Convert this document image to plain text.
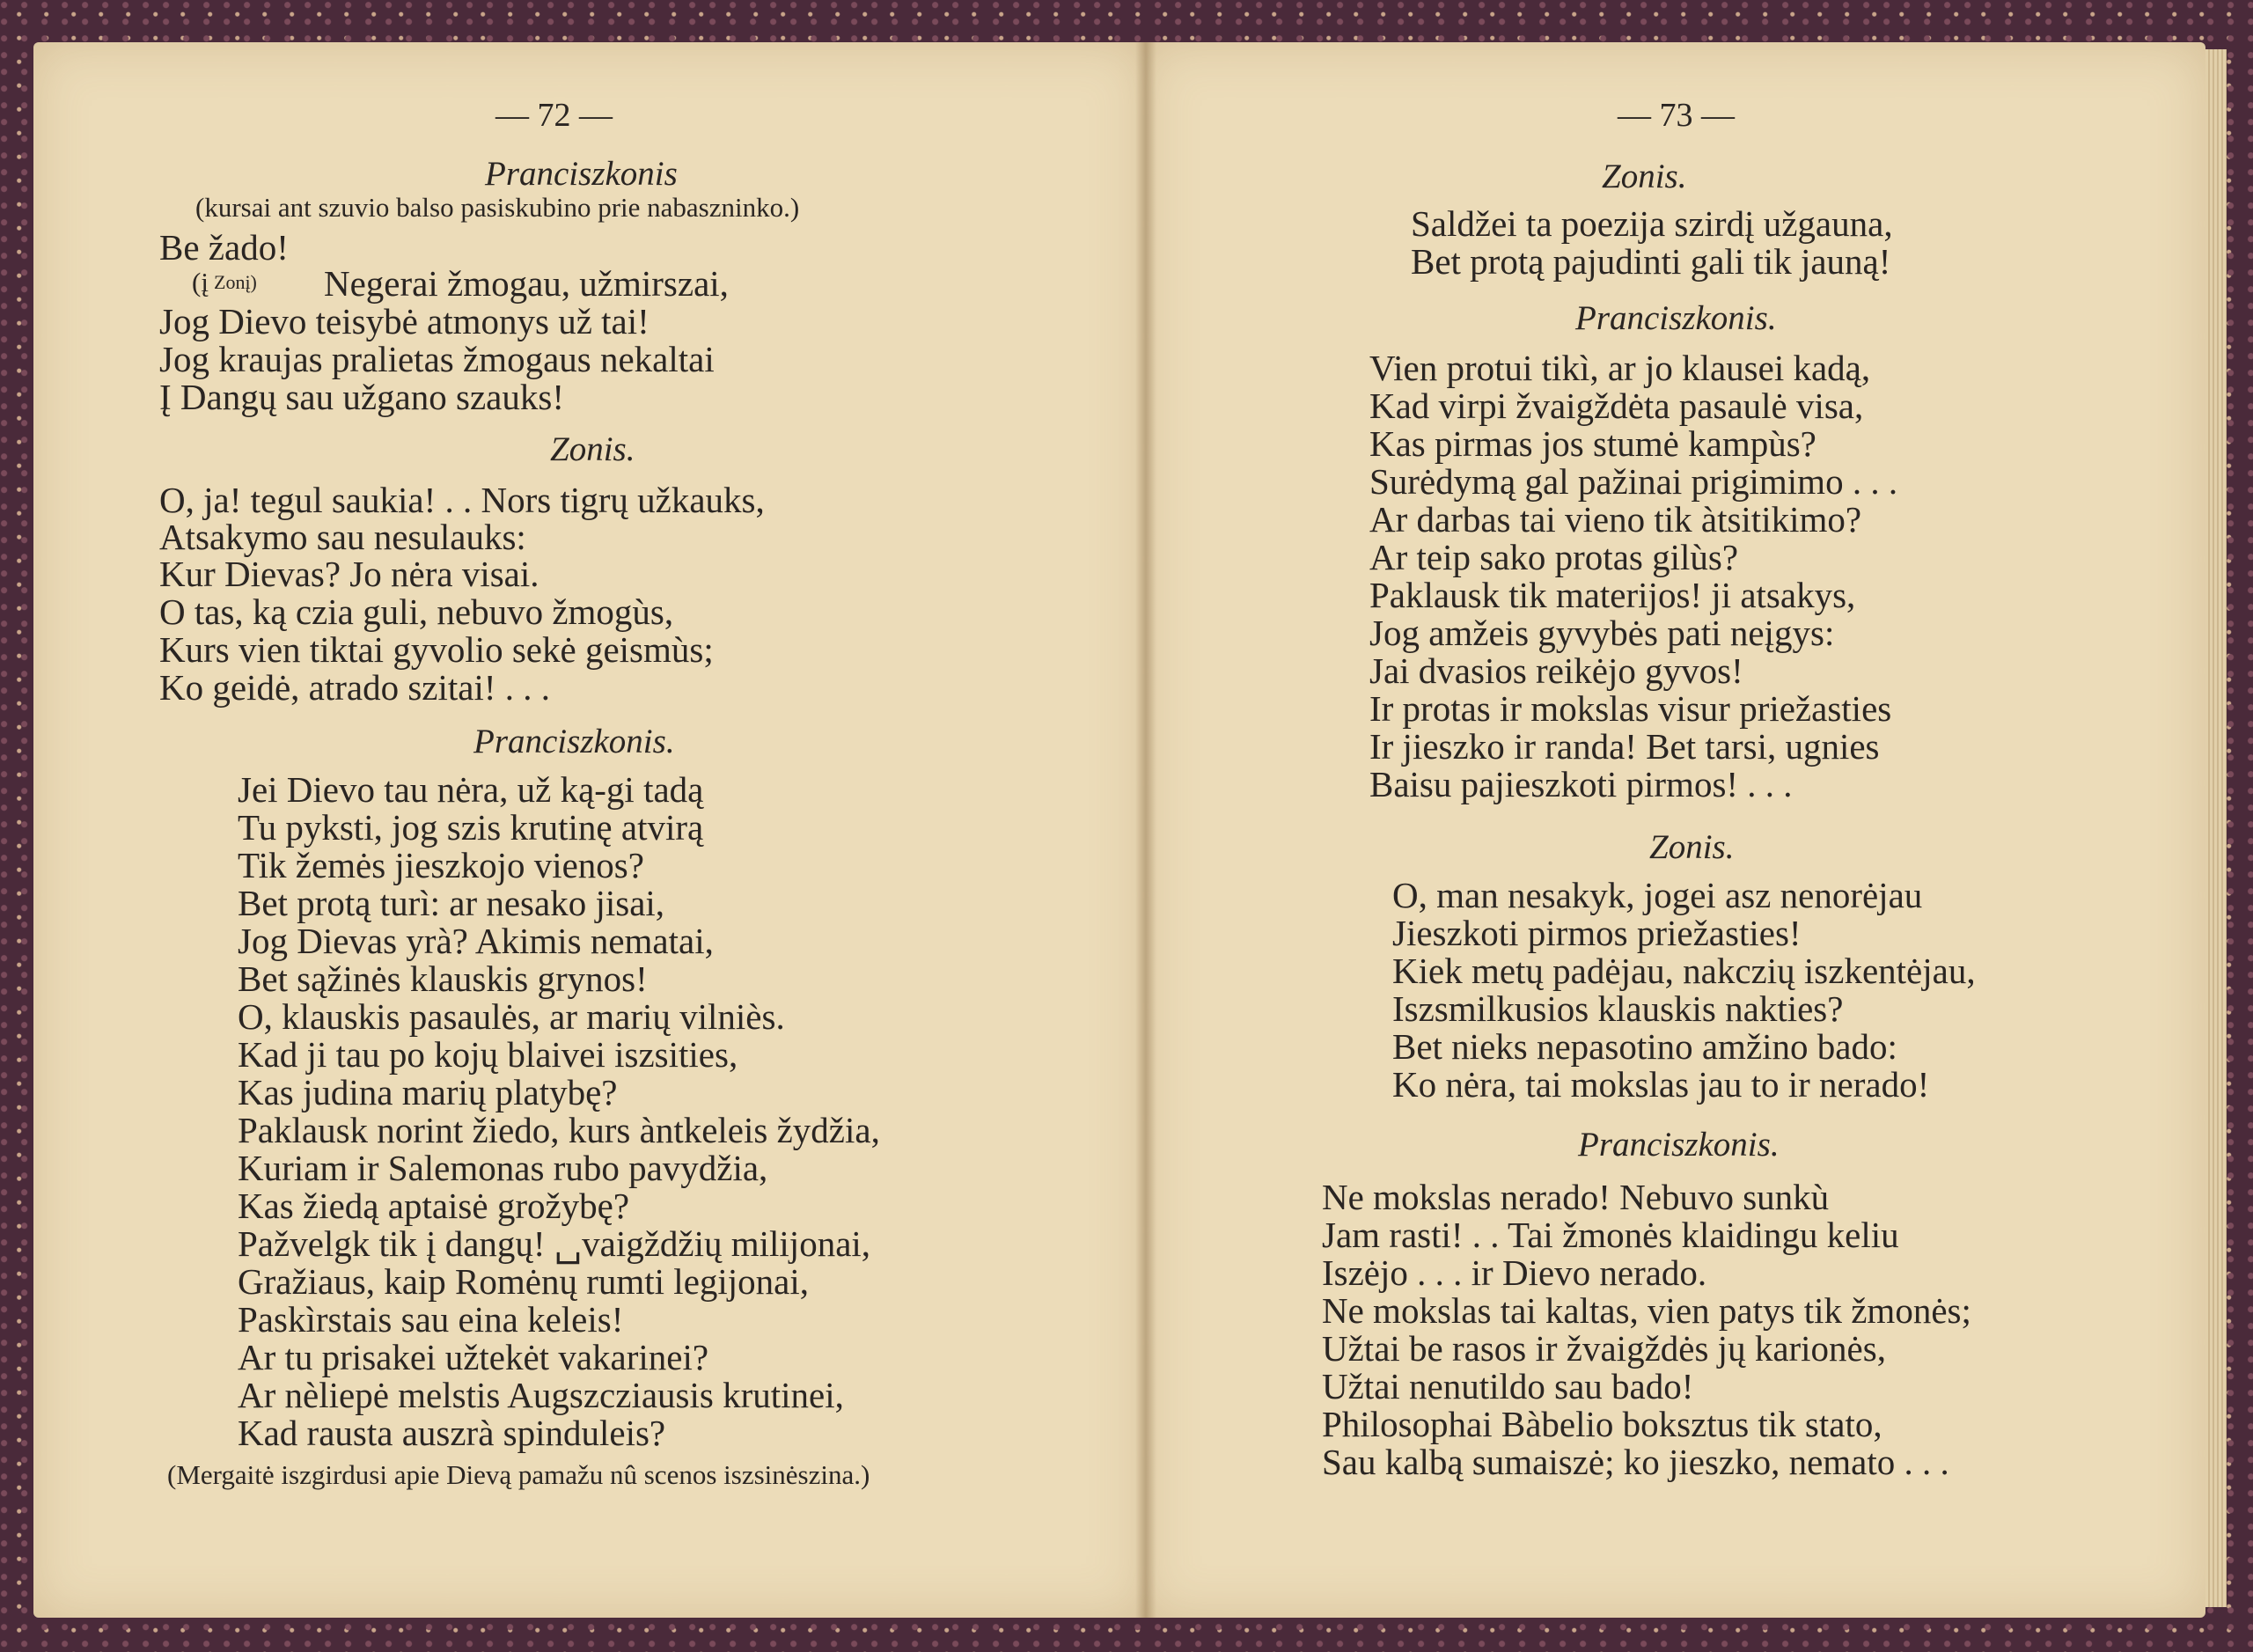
— 72 —
Pranciszkonis
(kursai ant szuvio balso pasiskubino prie nabaszninko.)
Be žado!
(į Zonį) Negerai žmogau, užmirszai,
Jog Dievo teisybė atmonys už tai!
Jog kraujas pralietas žmogaus nekaltai
Į Dangų sau užgano szauks!
Zonis.
O, ja! tegul saukia! . . Nors tigrų užkauks,
Atsakymo sau nesulauks:
Kur Dievas? Jo nėra visai.
O tas, ką czia guli, nebuvo žmogùs,
Kurs vien tiktai gyvolio sekė geismùs;
Ko geidė, atrado szitai! . . .
Pranciszkonis.
Jei Dievo tau nėra, už ką-gi tadą
Tu pyksti, jog szis krutinę atvirą
Tik žemės jieszkojo vienos?
Bet protą turì: ar nesako jisai,
Jog Dievas yrà? Akimis nematai,
Bet sąžinės klauskis grynos!
O, klauskis pasaulės, ar marių vilniès.
Kad ji tau po kojų blaivei iszsities,
Kas judina marių platybę?
Paklausk norint žiedo, kurs àntkeleis žydžia,
Kuriam ir Salemonas rubo pavydžia,
Kas žiedą aptaisė grožybę?
Pažvelgk tik į dangų! ␣vaigždžių milijonai,
Gražiaus, kaip Romėnų rumti legijonai,
Paskìrstais sau eina keleis!
Ar tu prisakei užtekėt vakarinei?
Ar nèliepė melstis Augszcziausis krutinei,
Kad rausta auszrà spinduleis?
(Mergaitė iszgirdusi apie Dievą pamažu nû scenos iszsinėszina.)
— 73 —
Zonis.
Saldžei ta poezija szirdį užgauna,
Bet protą pajudinti gali tik jauną!
Pranciszkonis.
Vien protui tikì, ar jo klausei kadą,
Kad virpi žvaigždėta pasaulė visa,
Kas pirmas jos stumė kampùs?
Surėdymą gal pažinai prigimimo . . .
Ar darbas tai vieno tik àtsitikimo?
Ar teip sako protas gilùs?
Paklausk tik materijos! ji atsakys,
Jog amžeis gyvybės pati neįgys:
Jai dvasios reikėjo gyvos!
Ir protas ir mokslas visur priežasties
Ir jieszko ir randa! Bet tarsi, ugnies
Baisu pajieszkoti pirmos! . . .
Zonis.
O, man nesakyk, jogei asz nenorėjau
Jieszkoti pirmos priežasties!
Kiek metų padėjau, nakczių iszkentėjau,
Iszsmilkusios klauskis nakties?
Bet nieks nepasotino amžino bado:
Ko nėra, tai mokslas jau to ir nerado!
Pranciszkonis.
Ne mokslas nerado! Nebuvo sunkù
Jam rasti! . . Tai žmonės klaidingu keliu
Iszėjo . . . ir Dievo nerado.
Ne mokslas tai kaltas, vien patys tik žmonės;
Užtai be rasos ir žvaigždės jų karionės,
Užtai nenutildo sau bado!
Philosophai Bàbelio boksztus tik stato,
Sau kalbą sumaiszė; ko jieszko, nemato . . .
